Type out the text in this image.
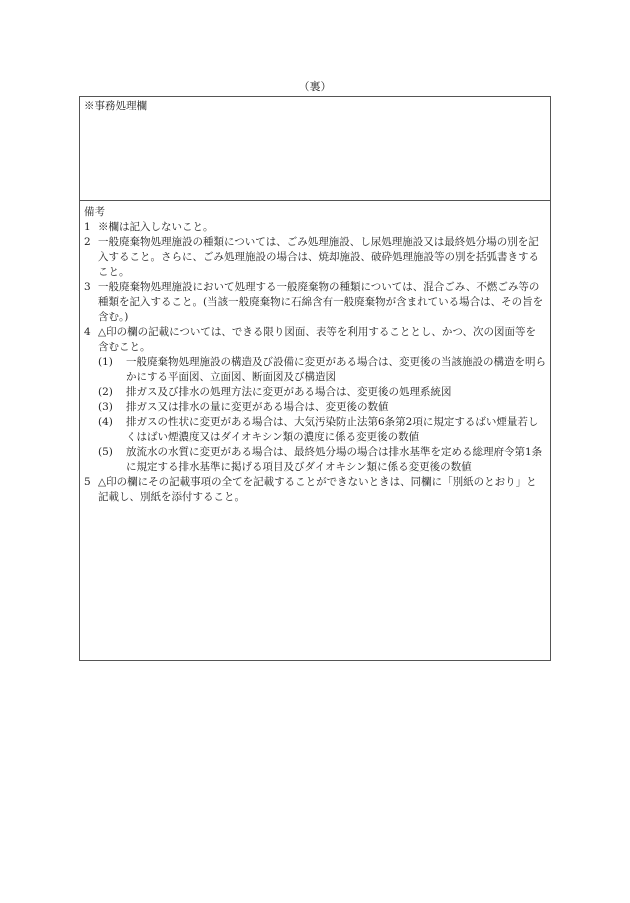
（裏）
※事務処理欄
備考
1 ※欄は記入しないこと。
2 一般廃棄物処理施設の種類については、ごみ処理施設、し尿処理施設又は最終処分場の別を記入すること。さらに、ごみ処理施設の場合は、焼却施設、破砕処理施設等の別を括弧書きすること。
3 一般廃棄物処理施設において処理する一般廃棄物の種類については、混合ごみ、不燃ごみ等の種類を記入すること。(当該一般廃棄物に石綿含有一般廃棄物が含まれている場合は、その旨を含む。)
4 △印の欄の記載については、できる限り図面、表等を利用することとし、かつ、次の図面等を含むこと。
(1)	一般廃棄物処理施設の構造及び設備に変更がある場合は、変更後の当該施設の構造を明らかにする平面図、立面図、断面図及び構造図
(2)	排ガス及び排水の処理方法に変更がある場合は、変更後の処理系統図
(3)	排ガス又は排水の量に変更がある場合は、変更後の数値
(4)	排ガスの性状に変更がある場合は、大気汚染防止法第6条第2項に規定するばい煙量若しくはばい煙濃度又はダイオキシン類の濃度に係る変更後の数値
(5)	放流水の水質に変更がある場合は、最終処分場の場合は排水基準を定める総理府令第1条に規定する排水基準に掲げる項目及びダイオキシン類に係る変更後の数値
5 △印の欄にその記載事項の全てを記載することができないときは、同欄に「別紙のとおり」と記載し、別紙を添付すること。
